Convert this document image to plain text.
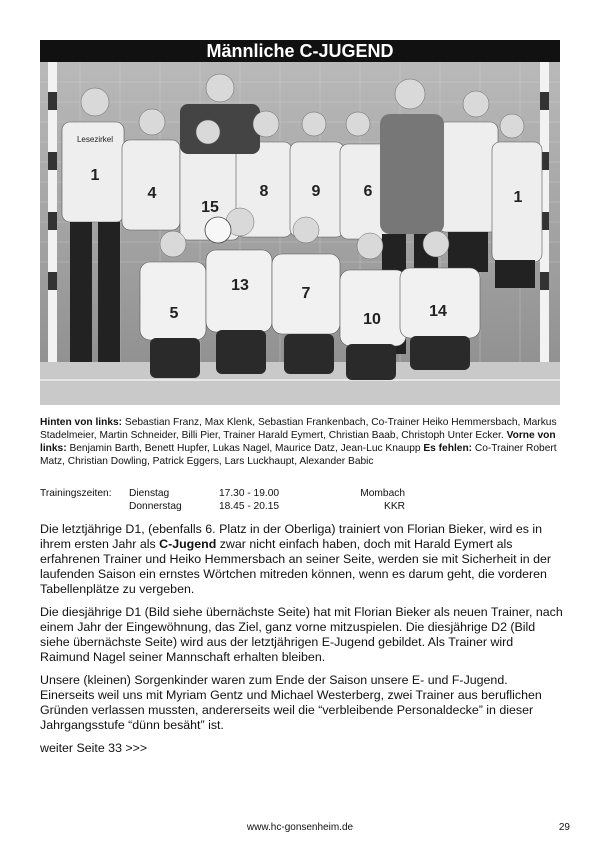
Männliche C-JUGEND
1
4
15
8	9	6	1
5
13	7
10	14
Lesezirkel
Hinten von links: Sebastian Franz, Max Klenk, Sebastian Frankenbach, Co-Trainer Heiko Hemmersbach, Markus Stadelmeier, Martin Schneider, Billi Pier, Trainer Harald Eymert, Christian Baab, Christoph Unter Ecker. Vorne von links: Benjamin Barth, Benett Hupfer, Lukas Nagel, Maurice Datz, Jean-Luc Knaupp Es fehlen: Co-Trainer Robert Matz, Christian Dowling, Patrick Eggers, Lars Luckhaupt, Alexander Babic
Trainingszeiten: Dienstag	17.30 - 19.00	Mombach
Donnerstag	18.45 - 20.15	KKR

Die letztjährige D1, (ebenfalls 6. Platz in der Oberliga) trainiert von Florian Bieker, wird es in ihrem ersten Jahr als C-Jugend zwar nicht einfach haben, doch mit Harald Eymert als erfahrenen Trainer und Heiko Hemmersbach an seiner Seite, werden sie mit Sicherheit in der laufenden Saison ein ernstes Wörtchen mitreden können, wenn es darum geht, die vorderen Tabellenplätze zu vergeben.

Die diesjährige D1 (Bild siehe übernächste Seite) hat mit Florian Bieker als neuen Trainer, nach einem Jahr der Eingewöhnung, das Ziel, ganz vorne mitzuspielen. Die diesjährige D2 (Bild siehe übernächste Seite) wird aus der letztjährigen E-Jugend gebildet. Als Trainer wird Raimund Nagel seiner Mannschaft erhalten bleiben.

Unsere (kleinen) Sorgenkinder waren zum Ende der Saison unsere E- und F-Jugend. Einerseits weil uns mit Myriam Gentz und Michael Westerberg, zwei Trainer aus beruflichen Gründen verlassen mussten, andererseits weil die “verbleibende Personaldecke” in dieser Jahrgangsstufe “dünn besäht” ist.

weiter Seite 33 >>>

www.hc-gonsenheim.de	29
